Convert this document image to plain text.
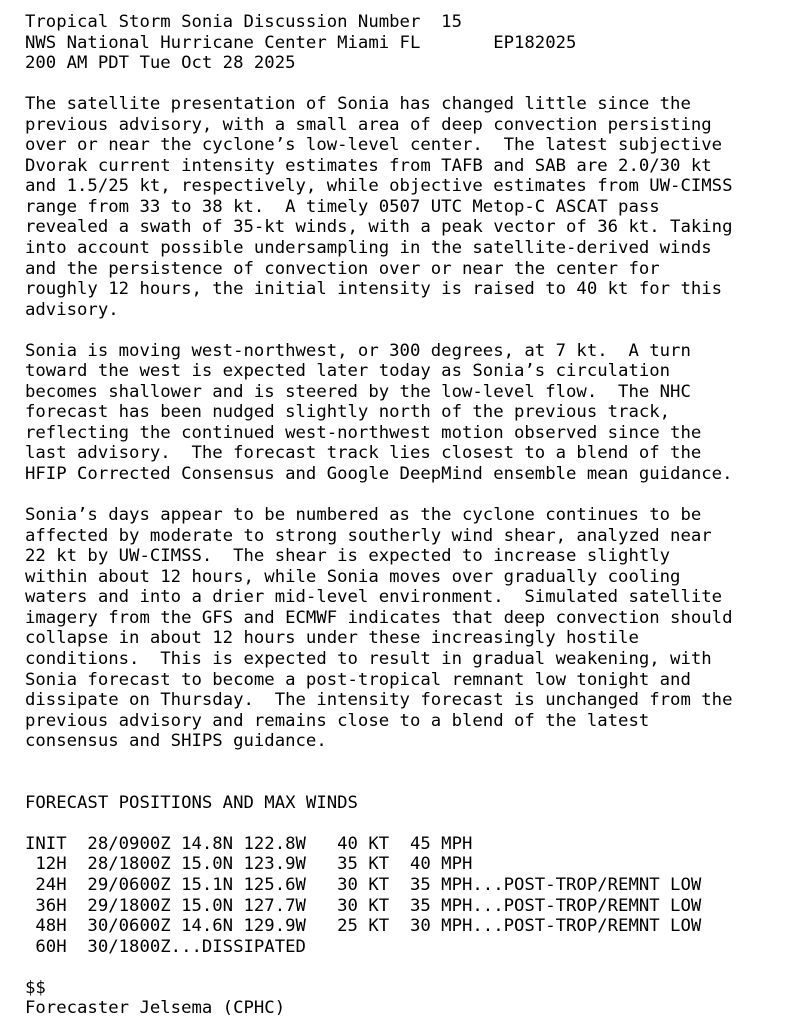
Tropical Storm Sonia Discussion Number  15
NWS National Hurricane Center Miami FL       EP182025
200 AM PDT Tue Oct 28 2025
The satellite presentation of Sonia has changed little since the
previous advisory, with a small area of deep convection persisting
over or near the cyclone’s low-level center.  The latest subjective
Dvorak current intensity estimates from TAFB and SAB are 2.0/30 kt
and 1.5/25 kt, respectively, while objective estimates from UW-CIMSS
range from 33 to 38 kt.  A timely 0507 UTC Metop-C ASCAT pass
revealed a swath of 35-kt winds, with a peak vector of 36 kt. Taking
into account possible undersampling in the satellite-derived winds
and the persistence of convection over or near the center for
roughly 12 hours, the initial intensity is raised to 40 kt for this
advisory.
Sonia is moving west-northwest, or 300 degrees, at 7 kt.  A turn
toward the west is expected later today as Sonia’s circulation
becomes shallower and is steered by the low-level flow.  The NHC
forecast has been nudged slightly north of the previous track,
reflecting the continued west-northwest motion observed since the
last advisory.  The forecast track lies closest to a blend of the
HFIP Corrected Consensus and Google DeepMind ensemble mean guidance.
Sonia’s days appear to be numbered as the cyclone continues to be
affected by moderate to strong southerly wind shear, analyzed near
22 kt by UW-CIMSS.  The shear is expected to increase slightly
within about 12 hours, while Sonia moves over gradually cooling
waters and into a drier mid-level environment.  Simulated satellite
imagery from the GFS and ECMWF indicates that deep convection should
collapse in about 12 hours under these increasingly hostile
conditions.  This is expected to result in gradual weakening, with
Sonia forecast to become a post-tropical remnant low tonight and
dissipate on Thursday.  The intensity forecast is unchanged from the
previous advisory and remains close to a blend of the latest
consensus and SHIPS guidance.
FORECAST POSITIONS AND MAX WINDS
INIT  28/0900Z 14.8N 122.8W   40 KT  45 MPH
12H  28/1800Z 15.0N 123.9W   35 KT  40 MPH
24H  29/0600Z 15.1N 125.6W   30 KT  35 MPH...POST-TROP/REMNT LOW
36H  29/1800Z 15.0N 127.7W   30 KT  35 MPH...POST-TROP/REMNT LOW
48H  30/0600Z 14.6N 129.9W   25 KT  30 MPH...POST-TROP/REMNT LOW
60H  30/1800Z...DISSIPATED
$$
Forecaster Jelsema (CPHC)
